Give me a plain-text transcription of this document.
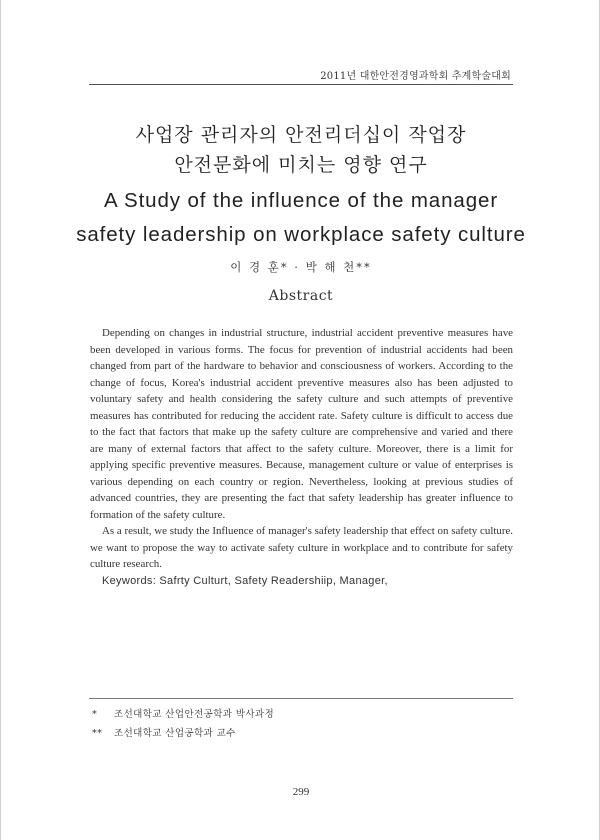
2011년 대한안전경영과학회 추계학술대회

사업장 관리자의 안전리더십이 작업장

안전문화에 미치는 영향 연구

A Study of the influence of the manager

safety leadership on workplace safety culture

이 경 훈* · 박 해 천**
Abstract

Depending on changes in industrial structure, industrial accident preventive measures have been developed in various forms. The focus for prevention of industrial accidents had been changed from part of the hardware to behavior and consciousness of workers. According to the change of focus, Korea's industrial accident preventive measures also has been adjusted to voluntary safety and health considering the safety culture and such attempts of preventive measures has contributed for reducing the accident rate. Safety culture is difficult to access due to the fact that factors that make up the safety culture are comprehensive and varied and there are many of external factors that affect to the safety culture. Moreover, there is a limit for applying specific preventive measures. Because, management culture or value of enterprises is various depending on each country or region. Nevertheless, looking at previous studies of advanced countries, they are presenting the fact that safety leadership has greater influence to formation of the safety culture.

As a result, we study the Influence of manager's safety leadership that effect on safety culture. we want to propose the way to activate safety culture in workplace and to contribute for safety culture research.

Keywords: Safrty Culturt, Safety Readershiip, Manager,

*	조선대학교 산업안전공학과 박사과정
**	조선대학교 산업공학과 교수
299
